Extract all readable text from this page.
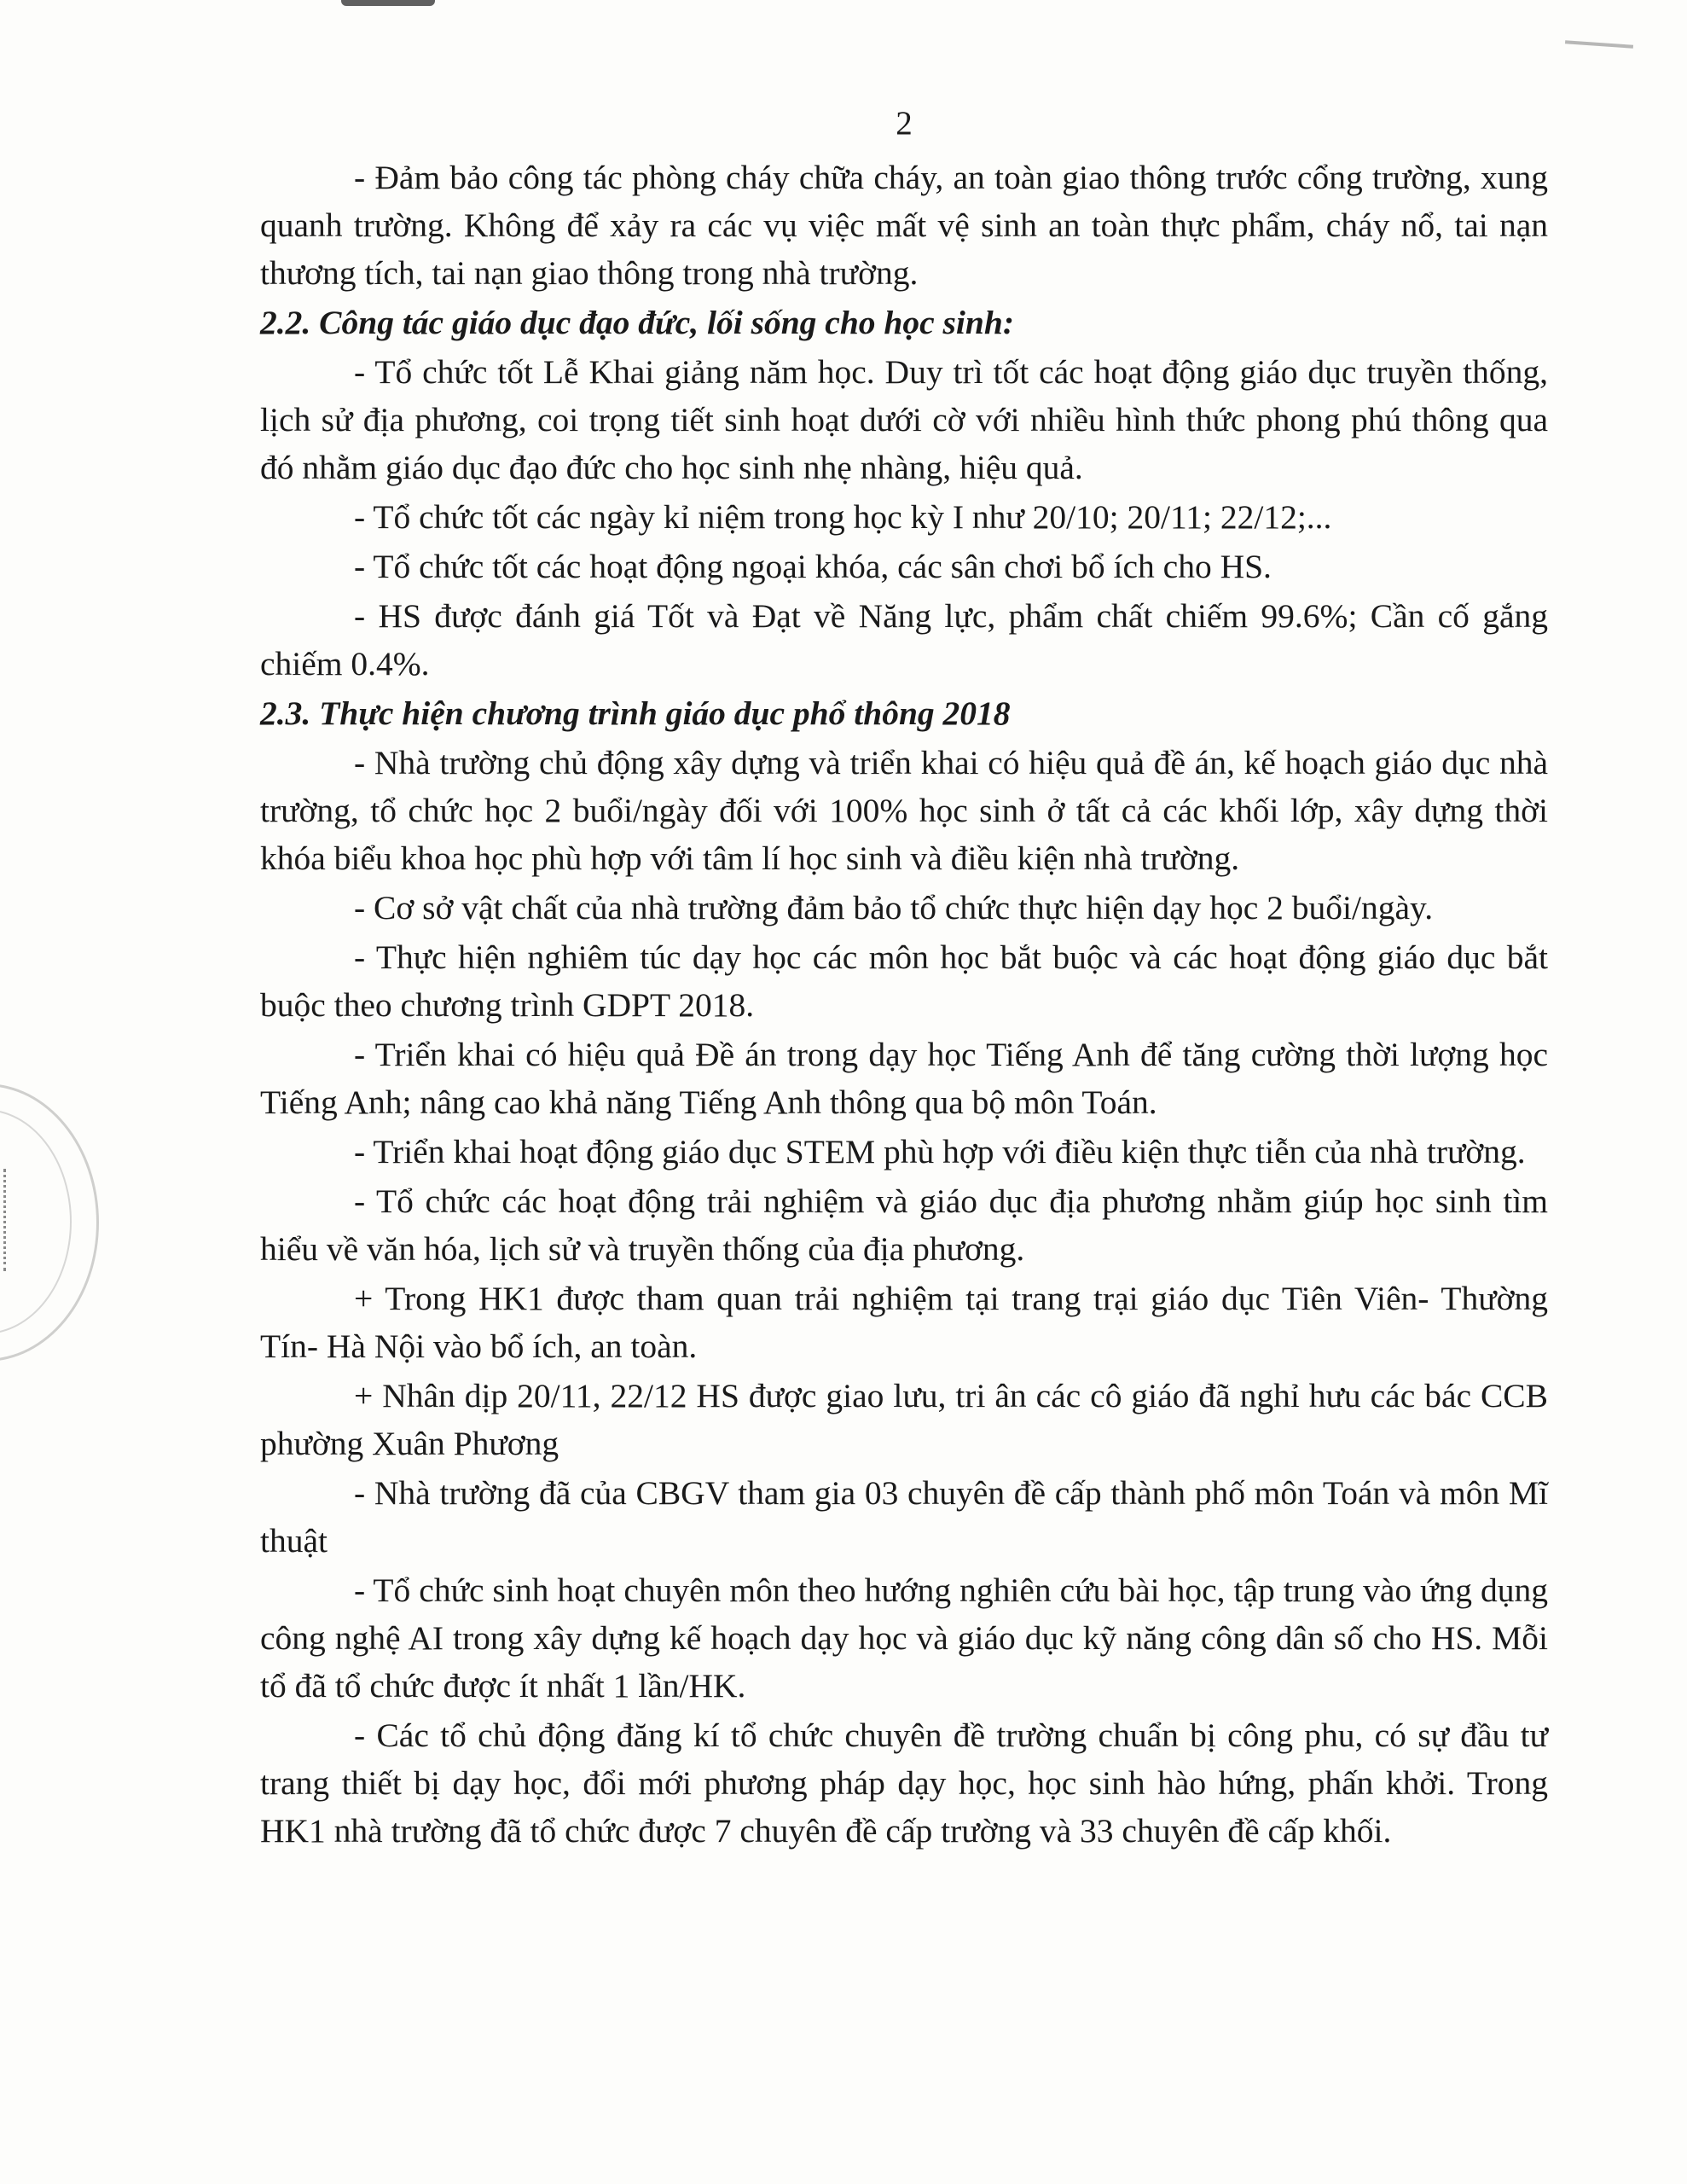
2

- Đảm bảo công tác phòng cháy chữa cháy, an toàn giao thông trước cổng trường, xung quanh trường. Không để xảy ra các vụ việc mất vệ sinh an toàn thực phẩm, cháy nổ, tai nạn thương tích, tai nạn giao thông trong nhà trường.

2.2. Công tác giáo dục đạo đức, lối sống cho học sinh:

- Tổ chức tốt Lễ Khai giảng năm học. Duy trì tốt các hoạt động giáo dục truyền thống, lịch sử địa phương, coi trọng tiết sinh hoạt dưới cờ với nhiều hình thức phong phú thông qua đó nhằm giáo dục đạo đức cho học sinh nhẹ nhàng, hiệu quả.

- Tổ chức tốt các ngày kỉ niệm trong học kỳ I như 20/10; 20/11; 22/12;...

- Tổ chức tốt các hoạt động ngoại khóa, các sân chơi bổ ích cho HS.

- HS được đánh giá Tốt và Đạt về Năng lực, phẩm chất chiếm 99.6%; Cần cố gắng chiếm 0.4%.

2.3. Thực hiện chương trình giáo dục phổ thông 2018

- Nhà trường chủ động xây dựng và triển khai có hiệu quả đề án, kế hoạch giáo dục nhà trường, tổ chức học 2 buổi/ngày đối với 100% học sinh ở tất cả các khối lớp, xây dựng thời khóa biểu khoa học phù hợp với tâm lí học sinh và điều kiện nhà trường.

- Cơ sở vật chất của nhà trường đảm bảo tổ chức thực hiện dạy học 2 buổi/ngày.

- Thực hiện nghiêm túc dạy học các môn học bắt buộc và các hoạt động giáo dục bắt buộc theo chương trình GDPT 2018.

- Triển khai có hiệu quả Đề án trong dạy học Tiếng Anh để tăng cường thời lượng học Tiếng Anh; nâng cao khả năng Tiếng Anh thông qua bộ môn Toán.

- Triển khai hoạt động giáo dục STEM phù hợp với điều kiện thực tiễn của nhà trường.

- Tổ chức các hoạt động trải nghiệm và giáo dục địa phương nhằm giúp học sinh tìm hiểu về văn hóa, lịch sử và truyền thống của địa phương.

+ Trong HK1 được tham quan trải nghiệm tại trang trại giáo dục Tiên Viên- Thường Tín- Hà Nội vào bổ ích, an toàn.

+ Nhân dịp 20/11, 22/12 HS được giao lưu, tri ân các cô giáo đã nghỉ hưu các bác CCB phường Xuân Phương

- Nhà trường đã của CBGV tham gia 03 chuyên đề cấp thành phố môn Toán và môn Mĩ thuật

- Tổ chức sinh hoạt chuyên môn theo hướng nghiên cứu bài học, tập trung vào ứng dụng công nghệ AI trong xây dựng kế hoạch dạy học và giáo dục kỹ năng công dân số cho HS. Mỗi tổ đã tổ chức được ít nhất 1 lần/HK.

- Các tổ chủ động đăng kí tổ chức chuyên đề trường chuẩn bị công phu, có sự đầu tư trang thiết bị dạy học, đổi mới phương pháp dạy học, học sinh hào hứng, phấn khởi. Trong HK1 nhà trường đã tổ chức được 7 chuyên đề cấp trường và 33 chuyên đề cấp khối.
